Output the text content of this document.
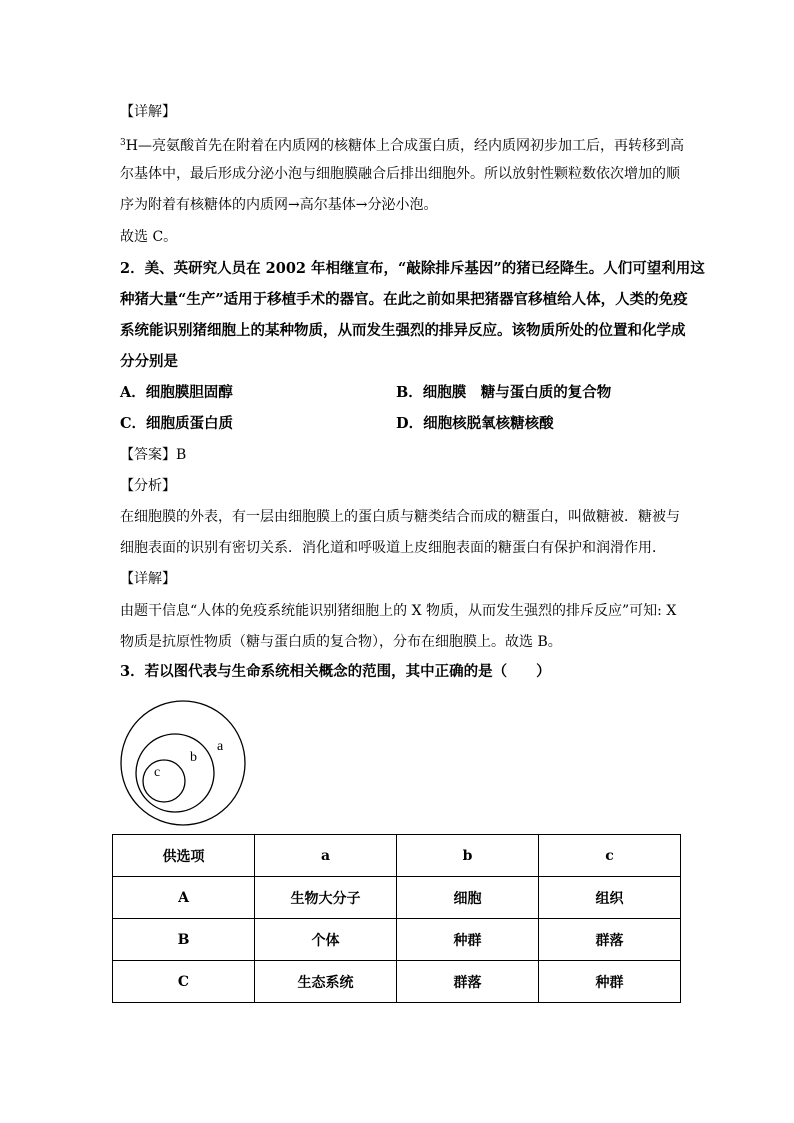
【详解】
$^3$H—亮氨酸首先在附着在内质网的核糖体上合成蛋白质，经内质网初步加工后，再转移到高
尔基体中，最后形成分泌小泡与细胞膜融合后排出细胞外。所以放射性颗粒数依次增加的顺
序为附着有核糖体的内质网→高尔基体→分泌小泡。
故选 C。
2．美、英研究人员在 2002 年相继宣布，“敲除排斥基因”的猪已经降生。人们可望利用这
种猪大量“生产”适用于移植手术的器官。在此之前如果把猪器官移植给人体，人类的免疫
系统能识别猪细胞上的某种物质，从而发生强烈的排异反应。该物质所处的位置和化学成
分分别是
A．细胞膜胆固醇	B．细胞膜　糖与蛋白质的复合物
C．细胞质蛋白质	D．细胞核脱氧核糖核酸
【答案】B
【分析】
在细胞膜的外表，有一层由细胞膜上的蛋白质与糖类结合而成的糖蛋白，叫做糖被．糖被与
细胞表面的识别有密切关系．消化道和呼吸道上皮细胞表面的糖蛋白有保护和润滑作用．
【详解】
由题干信息“人体的免疫系统能识别猪细胞上的 X 物质，从而发生强烈的排斥反应”可知: X
物质是抗原性物质（糖与蛋白质的复合物），分布在细胞膜上。故选 B。
3．若以图代表与生命系统相关概念的范围，其中正确的是（　　）
a
b
c
供选项	a	b	c
A	生物大分子	细胞	组织
B	个体	种群	群落
C	生态系统	群落	种群
